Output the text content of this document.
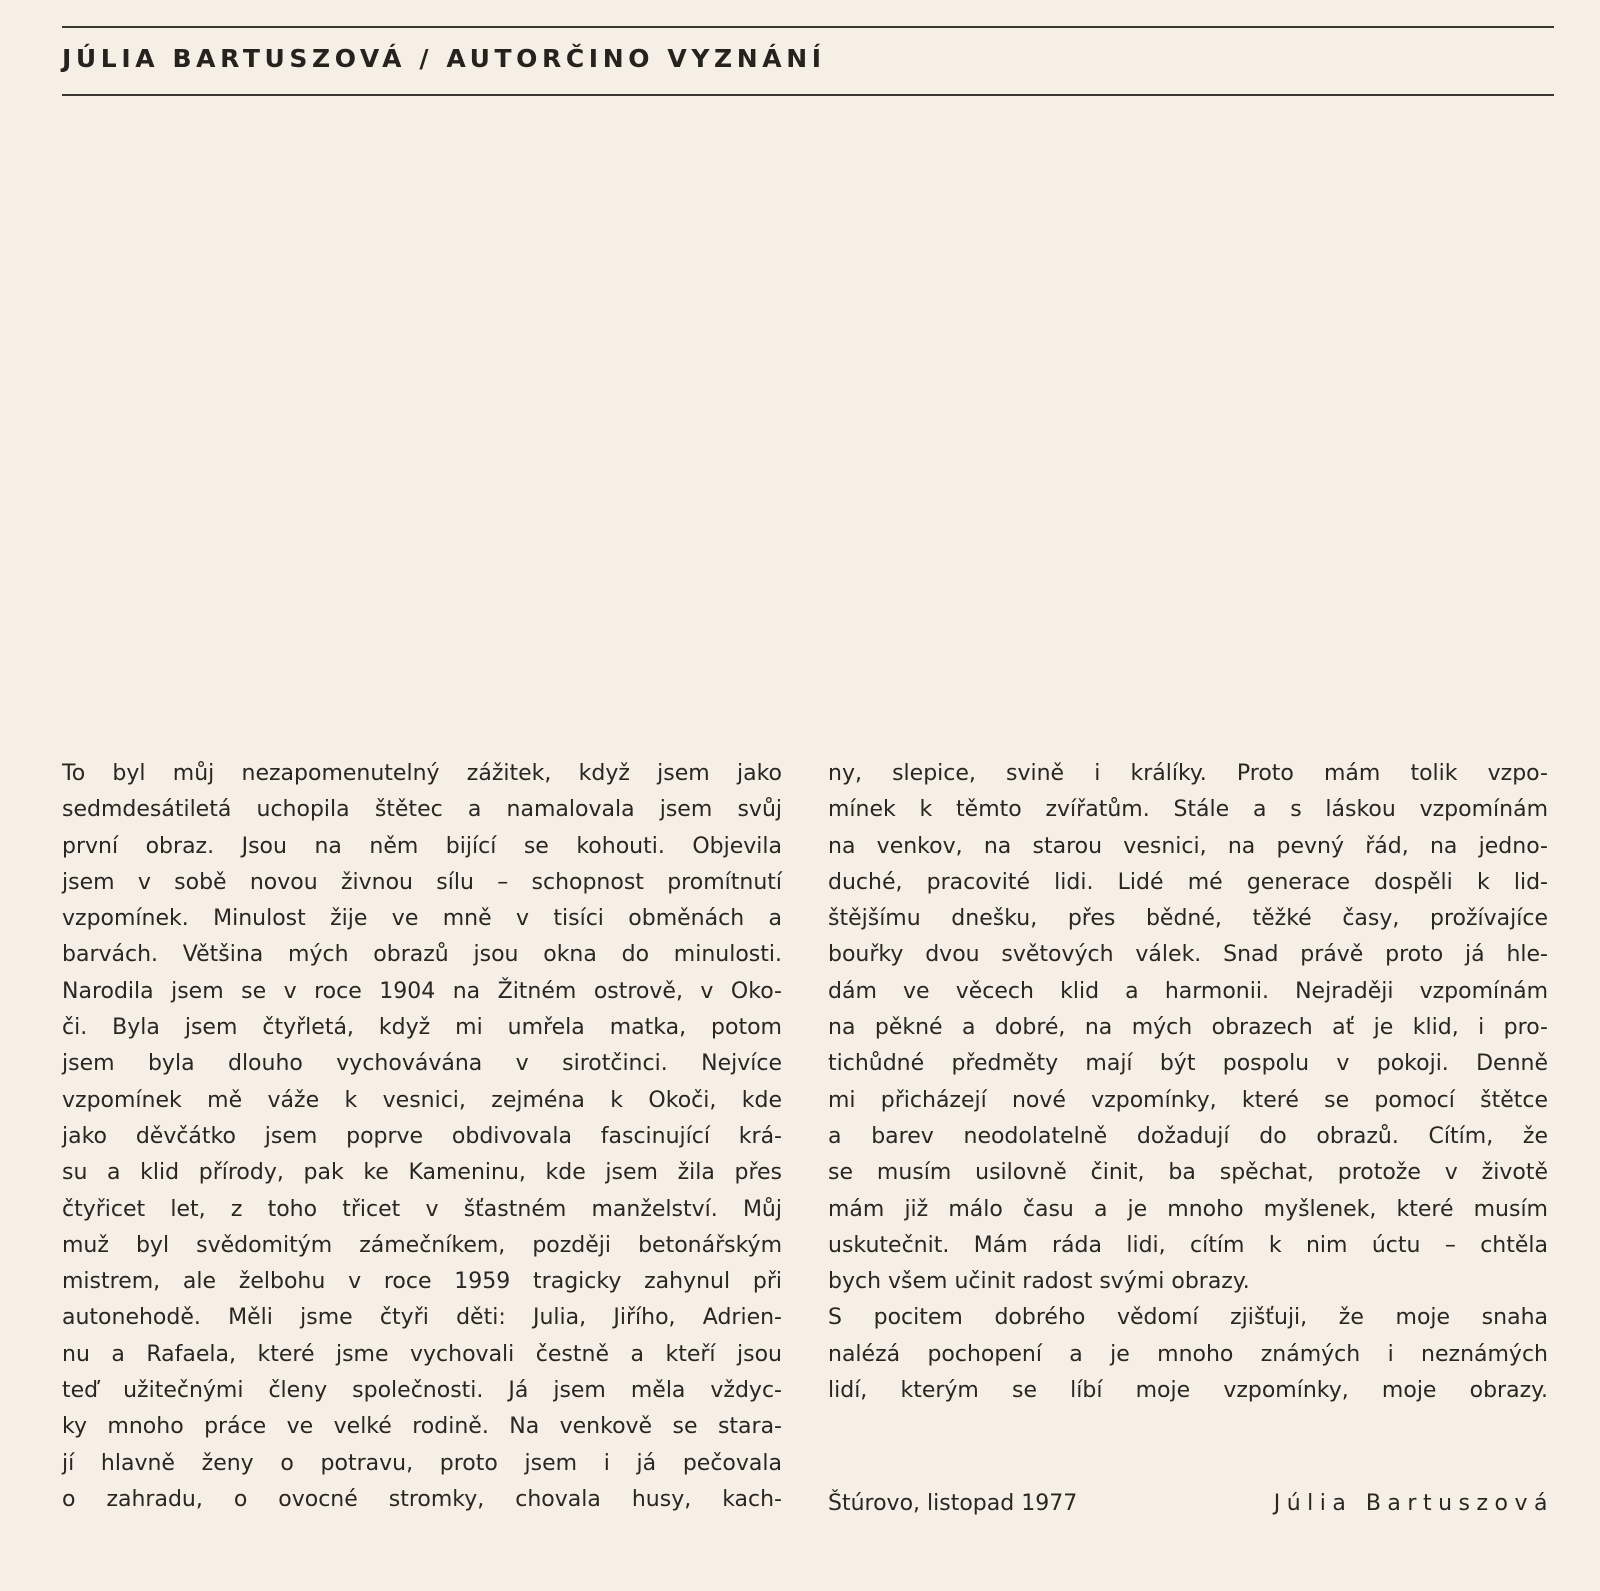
JÚLIA BARTUSZOVÁ / AUTORČINO VYZNÁNÍ
To byl můj nezapomenutelný zážitek, když jsem jako
sedmdesátiletá uchopila štětec a namalovala jsem svůj
první obraz. Jsou na něm bijící se kohouti. Objevila
jsem v sobě novou živnou sílu – schopnost promítnutí
vzpomínek. Minulost žije ve mně v tisíci obměnách a
barvách. Většina mých obrazů jsou okna do minulosti.
Narodila jsem se v roce 1904 na Žitném ostrově, v Oko-
či. Byla jsem čtyřletá, když mi umřela matka, potom
jsem byla dlouho vychovávána v sirotčinci. Nejvíce
vzpomínek mě váže k vesnici, zejména k Okoči, kde
jako děvčátko jsem poprve obdivovala fascinující krá-
su a klid přírody, pak ke Kameninu, kde jsem žila přes
čtyřicet let, z toho třicet v šťastném manželství. Můj
muž byl svědomitým zámečníkem, později betonářským
mistrem, ale želbohu v roce 1959 tragicky zahynul při
autonehodě. Měli jsme čtyři děti: Julia, Jiřího, Adrien-
nu a Rafaela, které jsme vychovali čestně a kteří jsou
teď užitečnými členy společnosti. Já jsem měla vždyc-
ky mnoho práce ve velké rodině. Na venkově se stara-
jí hlavně ženy o potravu, proto jsem i já pečovala
o zahradu, o ovocné stromky, chovala husy, kach-
ny, slepice, svině i králíky. Proto mám tolik vzpo-
mínek k těmto zvířatům. Stále a s láskou vzpomínám
na venkov, na starou vesnici, na pevný řád, na jedno-
duché, pracovité lidi. Lidé mé generace dospěli k lid-
štějšímu dnešku, přes bědné, těžké časy, prožívajíce
bouřky dvou světových válek. Snad právě proto já hle-
dám ve věcech klid a harmonii. Nejraději vzpomínám
na pěkné a dobré, na mých obrazech ať je klid, i pro-
tichůdné předměty mají být pospolu v pokoji. Denně
mi přicházejí nové vzpomínky, které se pomocí štětce
a barev neodolatelně dožadují do obrazů. Cítím, že
se musím usilovně činit, ba spěchat, protože v životě
mám již málo času a je mnoho myšlenek, které musím
uskutečnit. Mám ráda lidi, cítím k nim úctu – chtěla
bych všem učinit radost svými obrazy.
S pocitem dobrého vědomí zjišťuji, že moje snaha
nalézá pochopení a je mnoho známých i neznámých
lidí, kterým se líbí moje vzpomínky, moje obrazy.
Štúrovo, listopad 1977	Júlia Bartuszová
